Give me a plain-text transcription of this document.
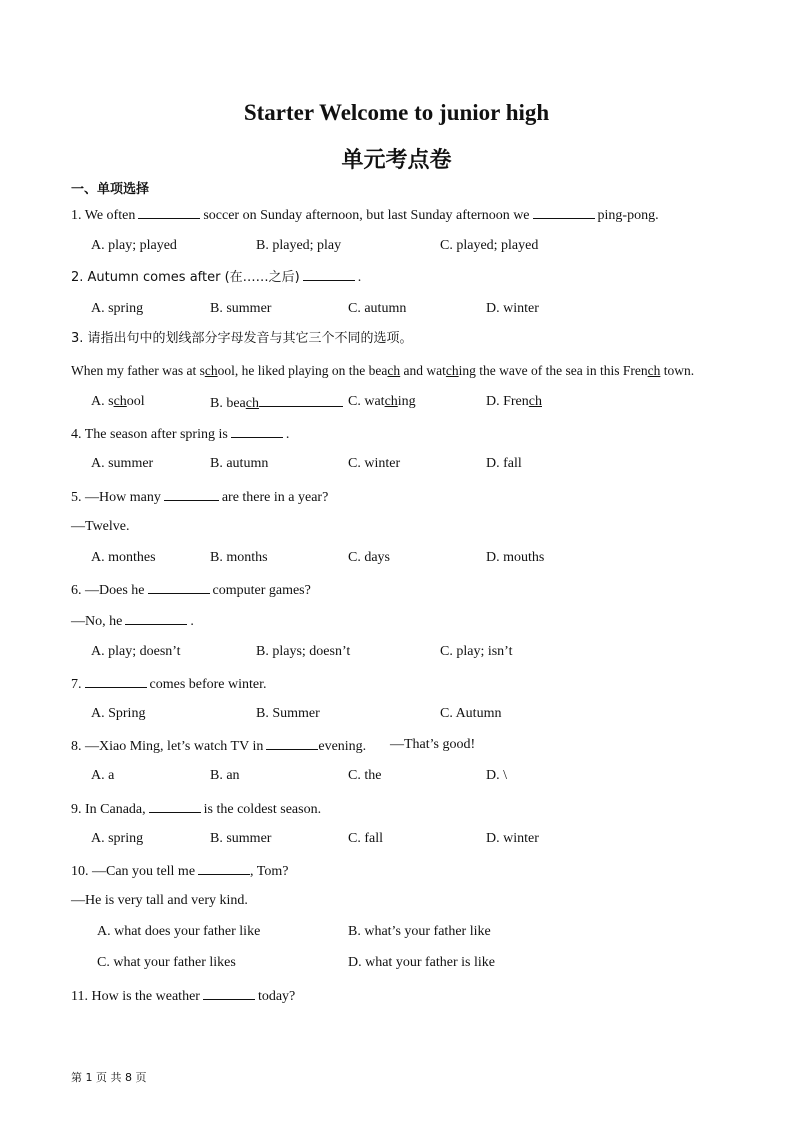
Starter Welcome to junior high
单元考点卷
一、单项选择
1. We often	soccer on Sunday afternoon, but last Sunday afternoon we	ping-pong.
A. play; played	B. played; play	C. played; played
2. Autumn comes after (在……之后)	.
A. spring	B. summer	C. autumn	D. winter
3. 请指出句中的划线部分字母发音与其它三个不同的选项。
When my father was at school, he liked playing on the beach and watching the wave of the sea in this French town.
A. school	B. beach	C. watching	D. French
4. The season after spring is	.
A. summer	B. autumn	C. winter	D. fall
5. —How many	are there in a year?
—Twelve.
A. monthes	B. months	C. days	D. mouths
6. —Does he	computer games?
—No, he	.
A. play; doesn’t	B. plays; doesn’t	C. play; isn’t
7.	comes before winter.
A. Spring	B. Summer	C. Autumn
8. —Xiao Ming, let’s watch TV in	evening. —That’s good!
A. a	B. an	C. the	D. \
9. In Canada,	is the coldest season.
A. spring	B. summer	C. fall	D. winter
10. —Can you tell me	, Tom?
—He is very tall and very kind.
A. what does your father like	B. what’s your father like
C. what your father likes	D. what your father is like
11. How is the weather	today?
第 1 页 共 8 页
